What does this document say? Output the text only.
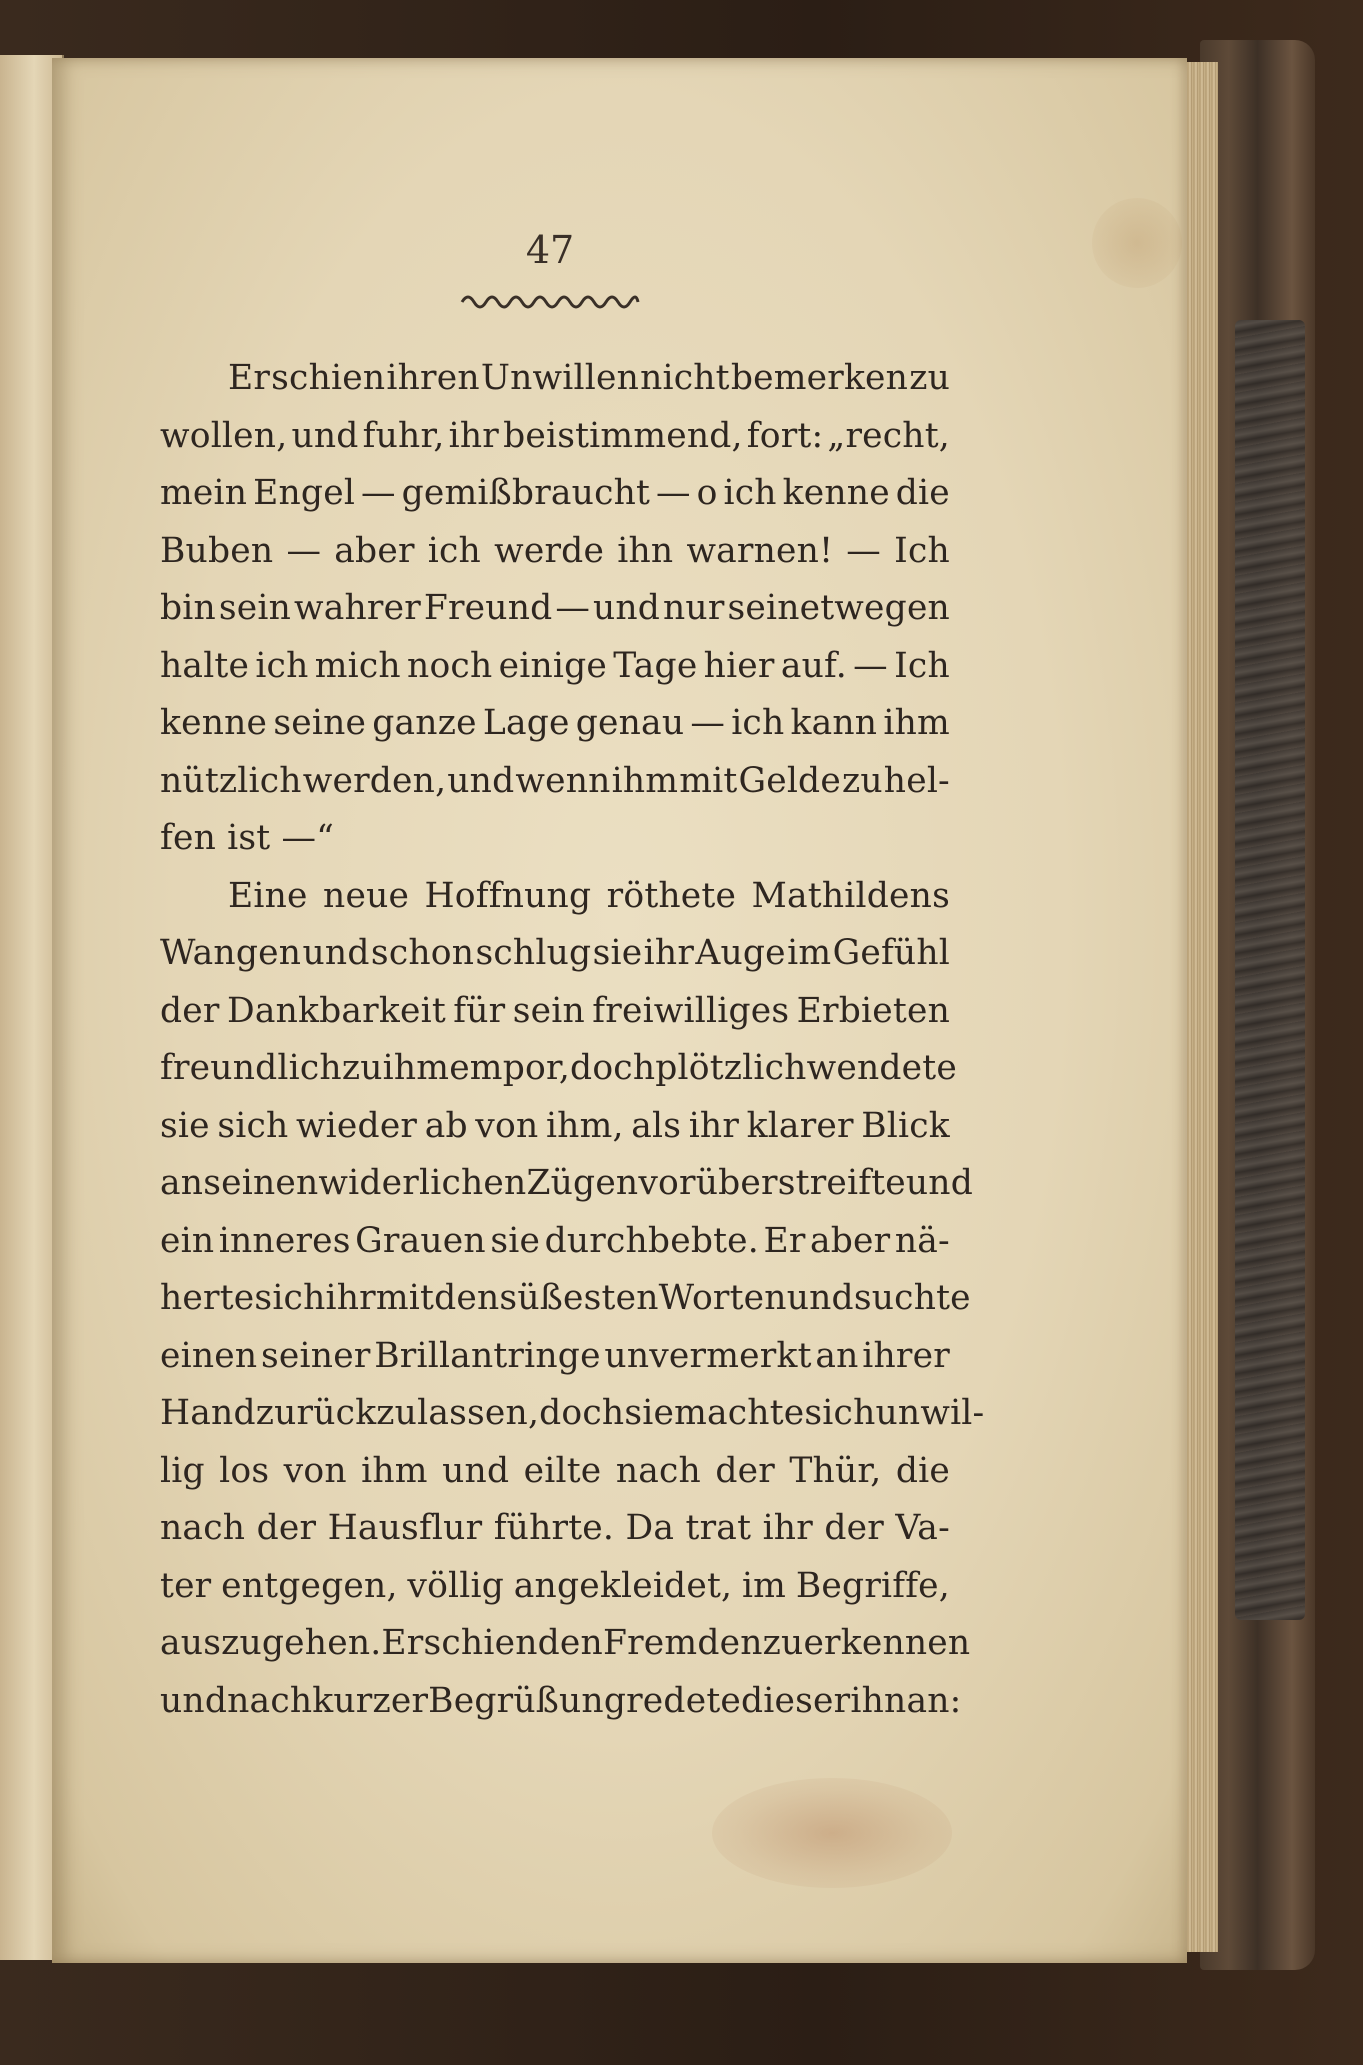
47
Er schien ihren Unwillen nicht bemerken zu
wollen, und fuhr, ihr beistimmend, fort: „recht,
mein Engel — gemißbraucht — o ich kenne die
Buben — aber ich werde ihn warnen! — Ich
bin sein wahrer Freund — und nur seinetwegen
halte ich mich noch einige Tage hier auf. — Ich
kenne seine ganze Lage genau — ich kann ihm
nützlich werden, und wenn ihm mit Gelde zu hel-
fen ist —“
Eine neue Hoffnung röthete Mathildens
Wangen und schon schlug sie ihr Auge im Gefühl
der Dankbarkeit für sein freiwilliges Erbieten
freundlich zu ihm empor, doch plötzlich wendete
sie sich wieder ab von ihm, als ihr klarer Blick
an seinen widerlichen Zügen vorüberstreifte und
ein inneres Grauen sie durchbebte. Er aber nä-
herte sich ihr mit den süßesten Worten und suchte
einen seiner Brillantringe unvermerkt an ihrer
Hand zurückzulassen, doch sie machte sich unwil-
lig los von ihm und eilte nach der Thür, die
nach der Hausflur führte. Da trat ihr der Va-
ter entgegen, völlig angekleidet, im Begriffe,
auszugehen. Er schien den Fremden zu erkennen
und nach kurzer Begrüßung redete dieser ihn an:
